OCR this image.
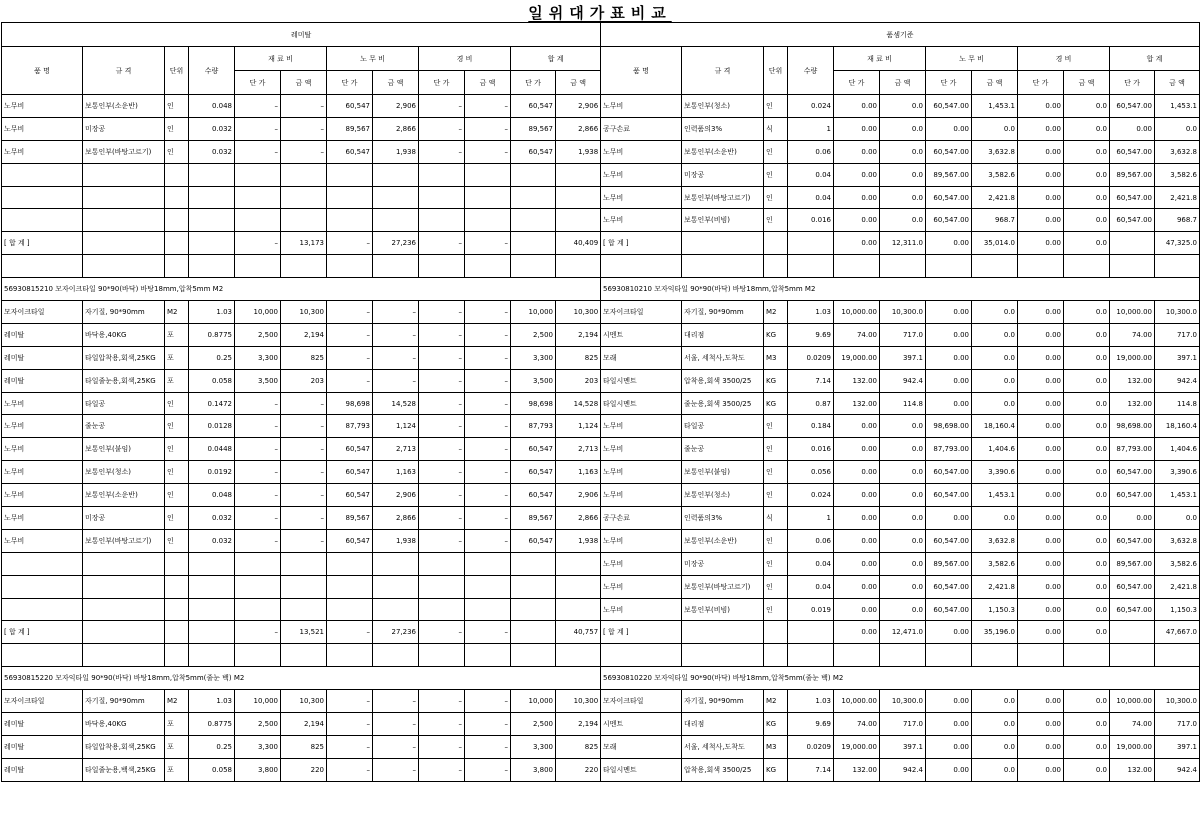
일위대가표비교
레미탈											
품 명	규 격	단위	수량	재 료 비		노 무 비		경 비		합 계	
				단 가	금 액	단 가	금 액	단 가	금 액	단 가	금 액
노무비	보통인부(소운반)	인	0.048	–	–	60,547	2,906	–	–	60,547	2,906
노무비	미장공	인	0.032	–	–	89,567	2,866	–	–	89,567	2,866
노무비	보통인부(바탕고르기)	인	0.032	–	–	60,547	1,938	–	–	60,547	1,938

[ 합 계 ]				–	13,173	–	27,236	–	–		40,409

56930815210 모자이크타일 90*90(바닥) 바탕18mm,압착5mm M2											
모자이크타일	자기질, 90*90mm	M2	1.03	10,000	10,300	–	–	–	–	10,000	10,300
레미탈	바닥용,40KG	포	0.8775	2,500	2,194	–	–	–	–	2,500	2,194
레미탈	타일압착용,회색,25KG	포	0.25	3,300	825	–	–	–	–	3,300	825
레미탈	타일줄눈용,회색,25KG	포	0.058	3,500	203	–	–	–	–	3,500	203
노무비	타일공	인	0.1472	–	–	98,698	14,528	–	–	98,698	14,528
노무비	줄눈공	인	0.0128	–	–	87,793	1,124	–	–	87,793	1,124
노무비	보통인부(붙임)	인	0.0448	–	–	60,547	2,713	–	–	60,547	2,713
노무비	보통인부(청소)	인	0.0192	–	–	60,547	1,163	–	–	60,547	1,163
노무비	보통인부(소운반)	인	0.048	–	–	60,547	2,906	–	–	60,547	2,906
노무비	미장공	인	0.032	–	–	89,567	2,866	–	–	89,567	2,866
노무비	보통인부(바탕고르기)	인	0.032	–	–	60,547	1,938	–	–	60,547	1,938

[ 합 계 ]				–	13,521	–	27,236	–	–		40,757

56930815220 모자익타일 90*90(바닥) 바탕18mm,압착5mm(줄눈 백) M2											
모자이크타일	자기질, 90*90mm	M2	1.03	10,000	10,300	–	–	–	–	10,000	10,300
레미탈	바닥용,40KG	포	0.8775	2,500	2,194	–	–	–	–	2,500	2,194
레미탈	타일압착용,회색,25KG	포	0.25	3,300	825	–	–	–	–	3,300	825
레미탈	타일줄눈용,백색,25KG	포	0.058	3,800	220	–	–	–	–	3,800	220
품셈기준											
품 명	규 격	단위	수량	재 료 비		노 무 비		경 비		합 계	
				단 가	금 액	단 가	금 액	단 가	금 액	단 가	금 액
노무비	보통인부(청소)	인	0.024	0.00	0.0	60,547.00	1,453.1	0.00	0.0	60,547.00	1,453.1
공구손료	인력품의3%	식	1	0.00	0.0	0.00	0.0	0.00	0.0	0.00	0.0
노무비	보통인부(소운반)	인	0.06	0.00	0.0	60,547.00	3,632.8	0.00	0.0	60,547.00	3,632.8
노무비	미장공	인	0.04	0.00	0.0	89,567.00	3,582.6	0.00	0.0	89,567.00	3,582.6
노무비	보통인부(바탕고르기)	인	0.04	0.00	0.0	60,547.00	2,421.8	0.00	0.0	60,547.00	2,421.8
노무비	보통인부(비빔)	인	0.016	0.00	0.0	60,547.00	968.7	0.00	0.0	60,547.00	968.7
[ 합 계 ]				0.00	12,311.0	0.00	35,014.0	0.00	0.0		47,325.0

56930810210 모자익타일 90*90(바닥) 바탕18mm,압착5mm M2											
모자이크타일	자기질, 90*90mm	M2	1.03	10,000.00	10,300.0	0.00	0.0	0.00	0.0	10,000.00	10,300.0
시멘트	대리점	KG	9.69	74.00	717.0	0.00	0.0	0.00	0.0	74.00	717.0
모래	서울, 세척사,도착도	M3	0.0209	19,000.00	397.1	0.00	0.0	0.00	0.0	19,000.00	397.1
타일시멘트	압착용,회색 3500/25	KG	7.14	132.00	942.4	0.00	0.0	0.00	0.0	132.00	942.4
타일시멘트	줄눈용,회색 3500/25	KG	0.87	132.00	114.8	0.00	0.0	0.00	0.0	132.00	114.8
노무비	타일공	인	0.184	0.00	0.0	98,698.00	18,160.4	0.00	0.0	98,698.00	18,160.4
노무비	줄눈공	인	0.016	0.00	0.0	87,793.00	1,404.6	0.00	0.0	87,793.00	1,404.6
노무비	보통인부(붙임)	인	0.056	0.00	0.0	60,547.00	3,390.6	0.00	0.0	60,547.00	3,390.6
노무비	보통인부(청소)	인	0.024	0.00	0.0	60,547.00	1,453.1	0.00	0.0	60,547.00	1,453.1
공구손료	인력품의3%	식	1	0.00	0.0	0.00	0.0	0.00	0.0	0.00	0.0
노무비	보통인부(소운반)	인	0.06	0.00	0.0	60,547.00	3,632.8	0.00	0.0	60,547.00	3,632.8
노무비	미장공	인	0.04	0.00	0.0	89,567.00	3,582.6	0.00	0.0	89,567.00	3,582.6
노무비	보통인부(바탕고르기)	인	0.04	0.00	0.0	60,547.00	2,421.8	0.00	0.0	60,547.00	2,421.8
노무비	보통인부(비빔)	인	0.019	0.00	0.0	60,547.00	1,150.3	0.00	0.0	60,547.00	1,150.3
[ 합 계 ]				0.00	12,471.0	0.00	35,196.0	0.00	0.0		47,667.0

56930810220 모자익타일 90*90(바닥) 바탕18mm,압착5mm(줄눈 백) M2											
모자이크타일	자기질, 90*90mm	M2	1.03	10,000.00	10,300.0	0.00	0.0	0.00	0.0	10,000.00	10,300.0
시멘트	대리점	KG	9.69	74.00	717.0	0.00	0.0	0.00	0.0	74.00	717.0
모래	서울, 세척사,도착도	M3	0.0209	19,000.00	397.1	0.00	0.0	0.00	0.0	19,000.00	397.1
타일시멘트	압착용,회색 3500/25	KG	7.14	132.00	942.4	0.00	0.0	0.00	0.0	132.00	942.4
